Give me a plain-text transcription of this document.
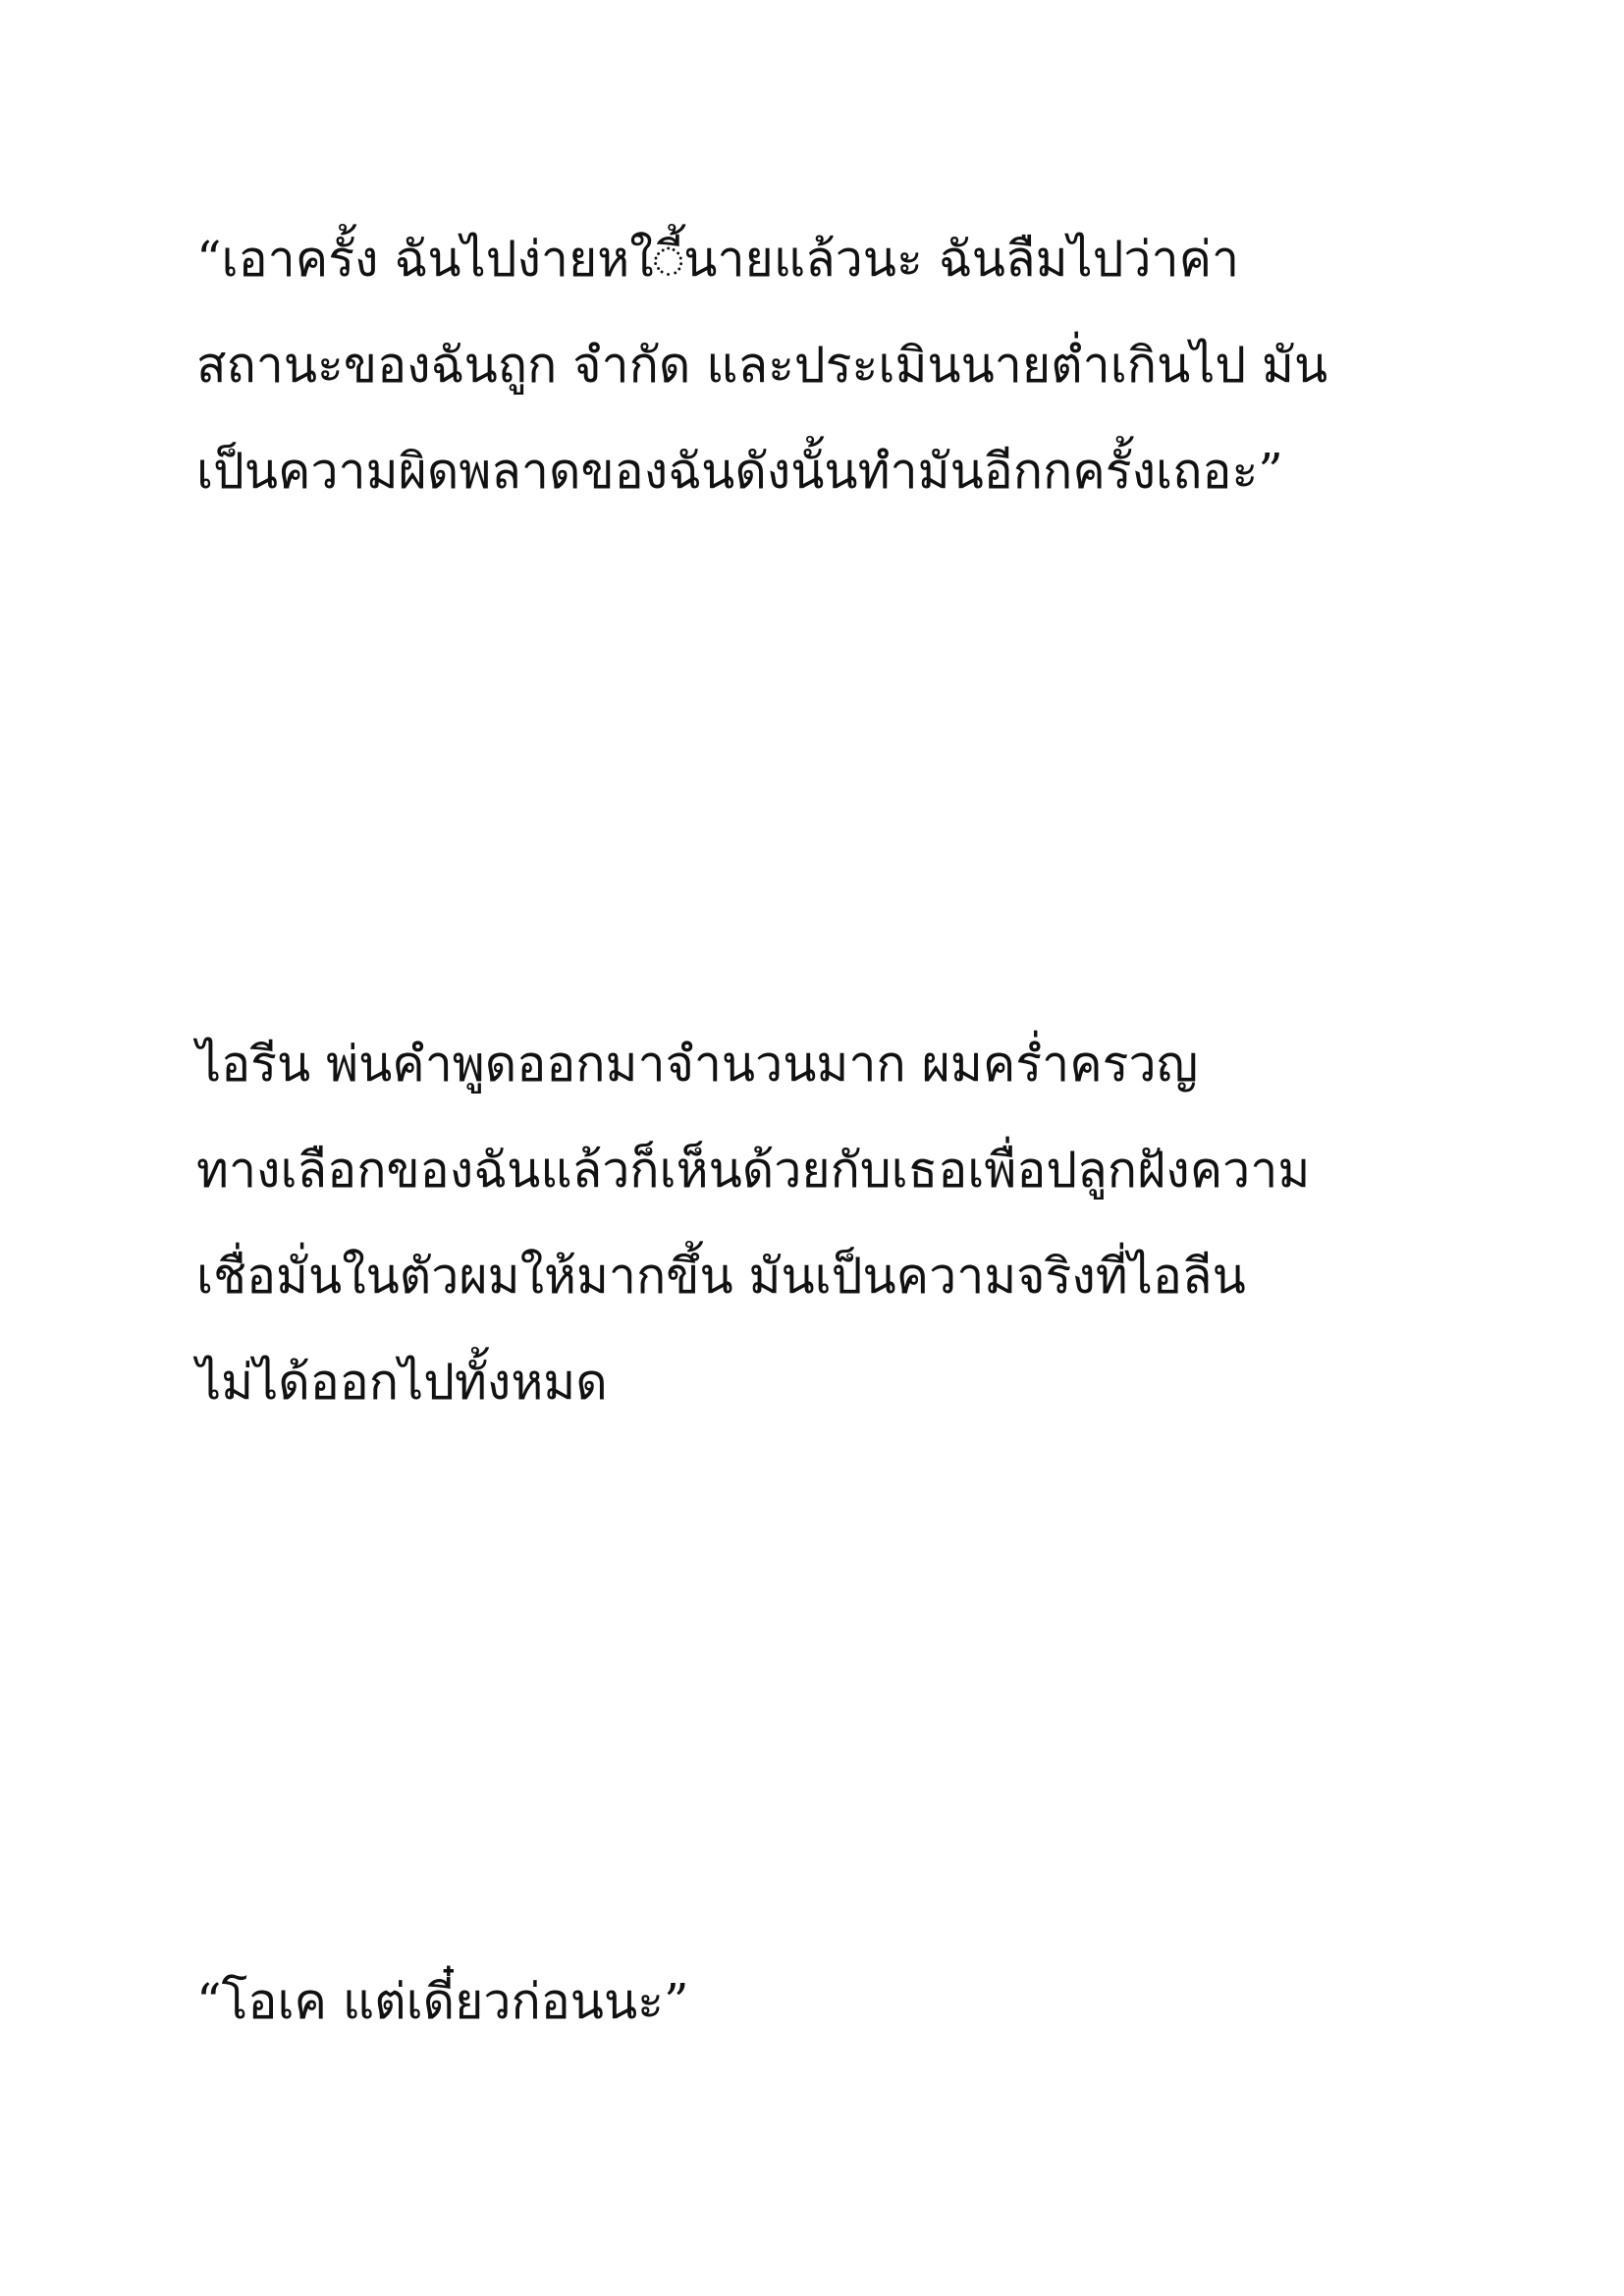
“เอาครั้ง ฉันไปง่ายหใ◌ี้นายแล้วนะ ฉันลืมไปว่าค่า
สถานะของฉันถูก จำกัด และประเมินนายต่ำเกินไป มัน
เป็นความผิดพลาดของฉันดังนั้นทำมันอีกกครั้งเถอะ”
ไอรีน พ่นคำพูดออกมาจำนวนมาก ผมคร่ำครวญ
ทางเลือกของฉันแล้วก็เห็นด้วยกับเธอเพื่อปลูกฝังความ
เชื่อมั่นในตัวผมให้มากขึ้น มันเป็นความจริงที่ไอลีน
ไม่ได้ออกไปทั้งหมด
“โอเค แต่เดี๋ยวก่อนนะ”
